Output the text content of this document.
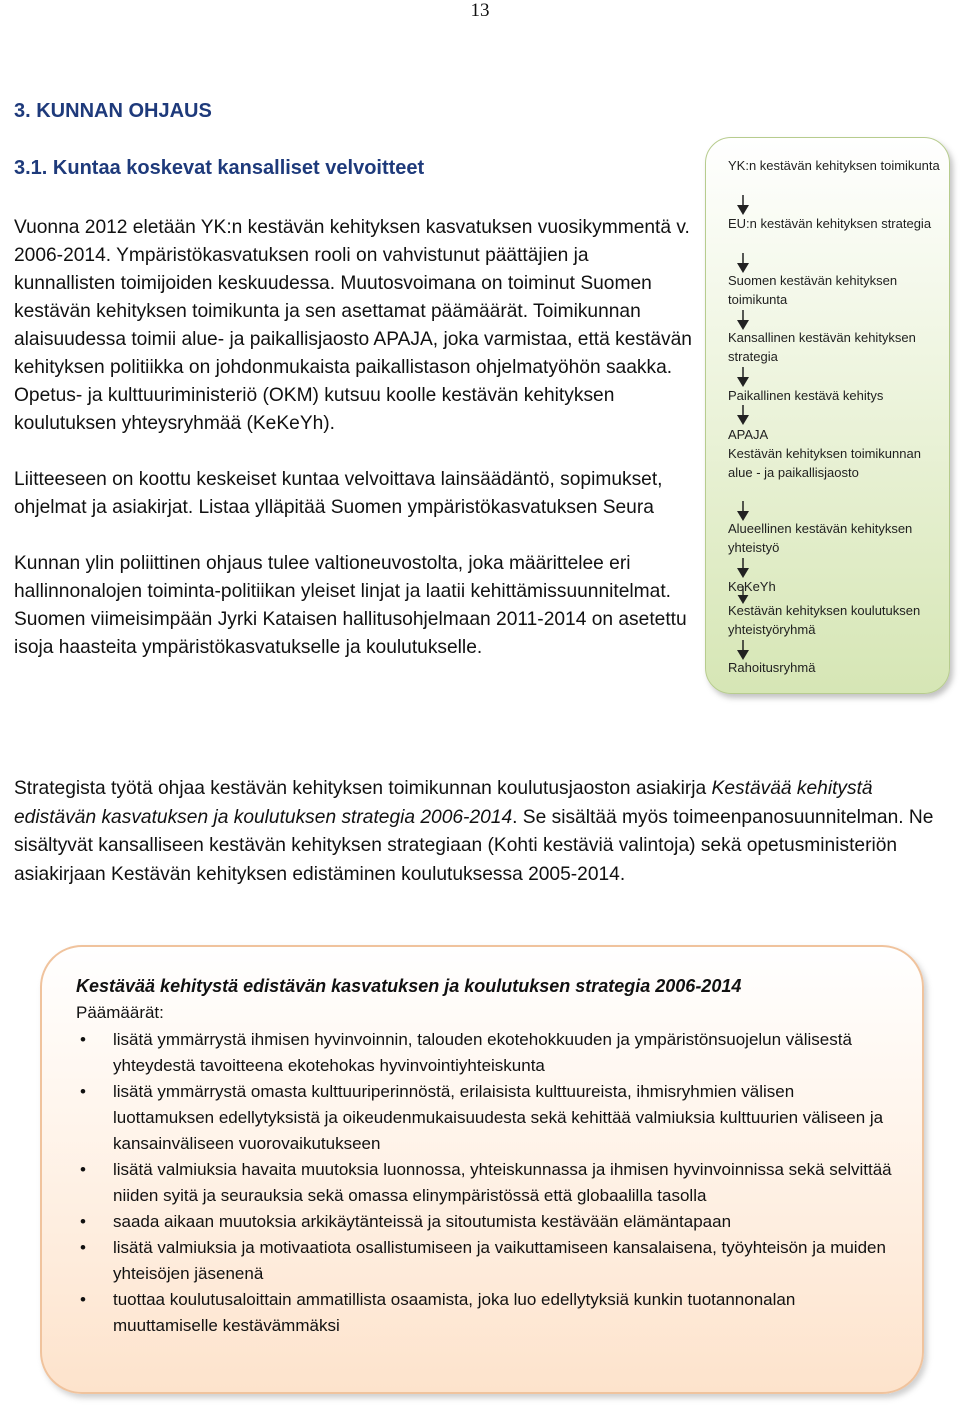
13
3. KUNNAN OHJAUS
3.1. Kuntaa koskevat kansalliset velvoitteet

Vuonna 2012 eletään YK:n kestävän kehityksen kasvatuksen vuosikymmentä v. 2006-2014. Ympäristökasvatuksen rooli on vahvistunut päättäjien ja kunnallisten toimijoiden keskuudessa. Muutosvoimana on toiminut Suomen kestävän kehityksen toimikunta ja sen asettamat päämäärät. Toimikunnan alaisuudessa toimii alue- ja paikallisjaosto APAJA, joka varmistaa, että kestävän kehityksen politiikka on johdonmukaista paikallistason ohjelmatyöhön saakka. Opetus- ja kulttuuriministeriö (OKM) kutsuu koolle kestävän kehityksen koulutuksen yhteysryhmää (KeKeYh).

Liitteeseen on koottu keskeiset kuntaa velvoittava lainsäädäntö, sopimukset, ohjelmat ja asiakirjat. Listaa ylläpitää Suomen ympäristökasvatuksen Seura

Kunnan ylin poliittinen ohjaus tulee valtioneuvostolta, joka määrittelee eri hallinnonalojen toiminta-politiikan yleiset linjat ja laatii kehittämissuunnitelmat. Suomen viimeisimpään Jyrki Kataisen hallitusohjelmaan 2011-2014 on asetettu isoja haasteita ympäristökasvatukselle ja koulutukselle.

YK:n kestävän kehityksen toimikunta
EU:n kestävän kehityksen strategia
Suomen kestävän kehityksen toimikunta
Kansallinen kestävän kehityksen strategia
Paikallinen kestävä kehitys
APAJA
Kestävän kehityksen toimikunnan alue - ja paikallisjaosto
Alueellinen kestävän kehityksen yhteistyö
KeKeYh
Kestävän kehityksen koulutuksen yhteistyöryhmä
Rahoitusryhmä

Strategista työtä ohjaa kestävän kehityksen toimikunnan koulutusjaoston asiakirja Kestävää kehitystä edistävän kasvatuksen ja koulutuksen strategia 2006-2014. Se sisältää myös toimeenpanosuunnitelman. Ne sisältyvät kansalliseen kestävän kehityksen strategiaan (Kohti kestäviä valintoja) sekä opetusministeriön asiakirjaan Kestävän kehityksen edistäminen koulutuksessa 2005-2014.

Kestävää kehitystä edistävän kasvatuksen ja koulutuksen strategia 2006-2014
Päämäärät:
• lisätä ymmärrystä ihmisen hyvinvoinnin, talouden ekotehokkuuden ja ympäristönsuojelun välisestä yhteydestä tavoitteena ekotehokas hyvinvointiyhteiskunta
• lisätä ymmärrystä omasta kulttuuriperinnöstä, erilaisista kulttuureista, ihmisryhmien välisen luottamuksen edellytyksistä ja oikeudenmukaisuudesta sekä kehittää valmiuksia kulttuurien väliseen ja kansainväliseen vuorovaikutukseen
• lisätä valmiuksia havaita muutoksia luonnossa, yhteiskunnassa ja ihmisen hyvinvoinnissa sekä selvittää niiden syitä ja seurauksia sekä omassa elinympäristössä että globaalilla tasolla
• saada aikaan muutoksia arkikäytänteissä ja sitoutumista kestävään elämäntapaan
• lisätä valmiuksia ja motivaatiota osallistumiseen ja vaikuttamiseen kansalaisena, työyhteisön ja muiden yhteisöjen jäsenenä
• tuottaa koulutusaloittain ammatillista osaamista, joka luo edellytyksiä kunkin tuotannonalan muuttamiselle kestävämmäksi
